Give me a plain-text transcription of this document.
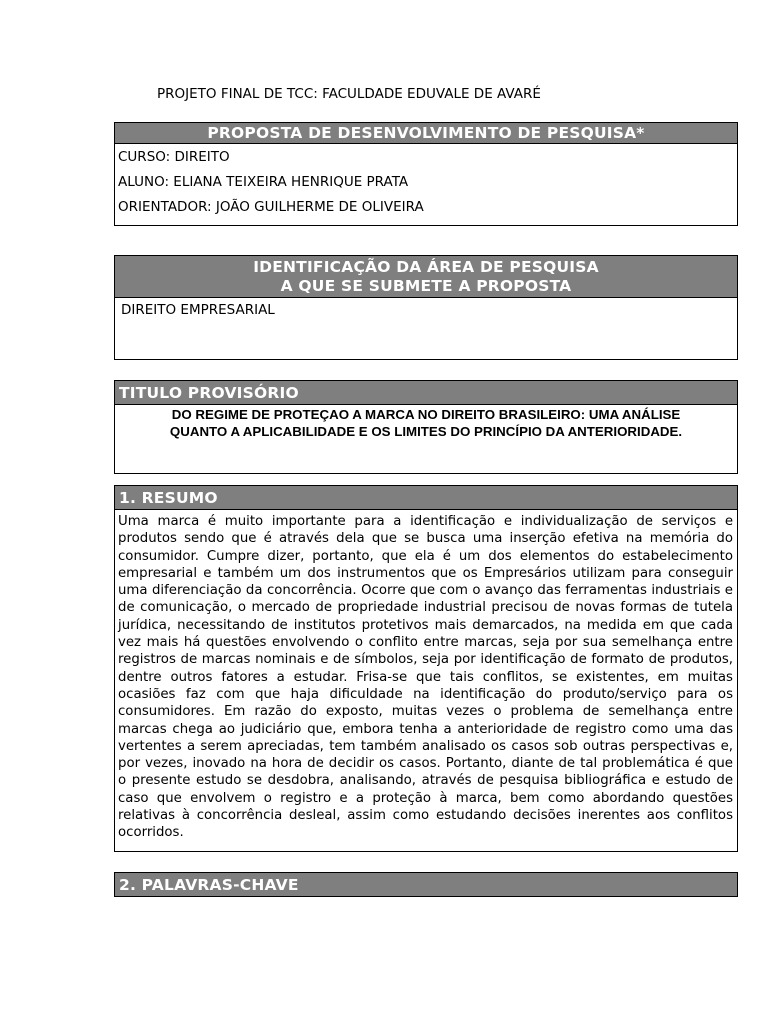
PROJETO FINAL DE TCC: FACULDADE EDUVALE DE AVARÉ
PROPOSTA DE DESENVOLVIMENTO DE PESQUISA*
CURSO: DIREITO
ALUNO: ELIANA TEIXEIRA HENRIQUE PRATA
ORIENTADOR: JOÃO GUILHERME DE OLIVEIRA
IDENTIFICAÇÃO DA ÁREA DE PESQUISA
A QUE SE SUBMETE A PROPOSTA
DIREITO EMPRESARIAL
TITULO PROVISÓRIO
DO REGIME DE PROTEÇAO A MARCA NO DIREITO BRASILEIRO: UMA ANÁLISE
QUANTO A APLICABILIDADE E OS LIMITES DO PRINCÍPIO DA ANTERIORIDADE.
1. RESUMO
Uma marca é muito importante para a identificação e individualização de serviços e produtos sendo que é através dela que se busca uma inserção efetiva na memória do consumidor. Cumpre dizer, portanto, que ela é um dos elementos do estabelecimento empresarial e também um dos instrumentos que os Empresários utilizam para conseguir uma diferenciação da concorrência. Ocorre que com o avanço das ferramentas industriais e de comunicação, o mercado de propriedade industrial precisou de novas formas de tutela jurídica, necessitando de institutos protetivos mais demarcados, na medida em que cada vez mais há questões envolvendo o conflito entre marcas, seja por sua semelhança entre registros de marcas nominais e de símbolos, seja por identificação de formato de produtos, dentre outros fatores a estudar. Frisa-se que tais conflitos, se existentes, em muitas ocasiões faz com que haja dificuldade na identificação do produto/serviço para os consumidores. Em razão do exposto, muitas vezes o problema de semelhança entre marcas chega ao judiciário que, embora tenha a anterioridade de registro como uma das vertentes a serem apreciadas, tem também analisado os casos sob outras perspectivas e, por vezes, inovado na hora de decidir os casos. Portanto, diante de tal problemática é que o presente estudo se desdobra, analisando, através de pesquisa bibliográfica e estudo de caso que envolvem o registro e a proteção à marca, bem como abordando questões relativas à concorrência desleal, assim como estudando decisões inerentes aos conflitos ocorridos.
2. PALAVRAS-CHAVE
